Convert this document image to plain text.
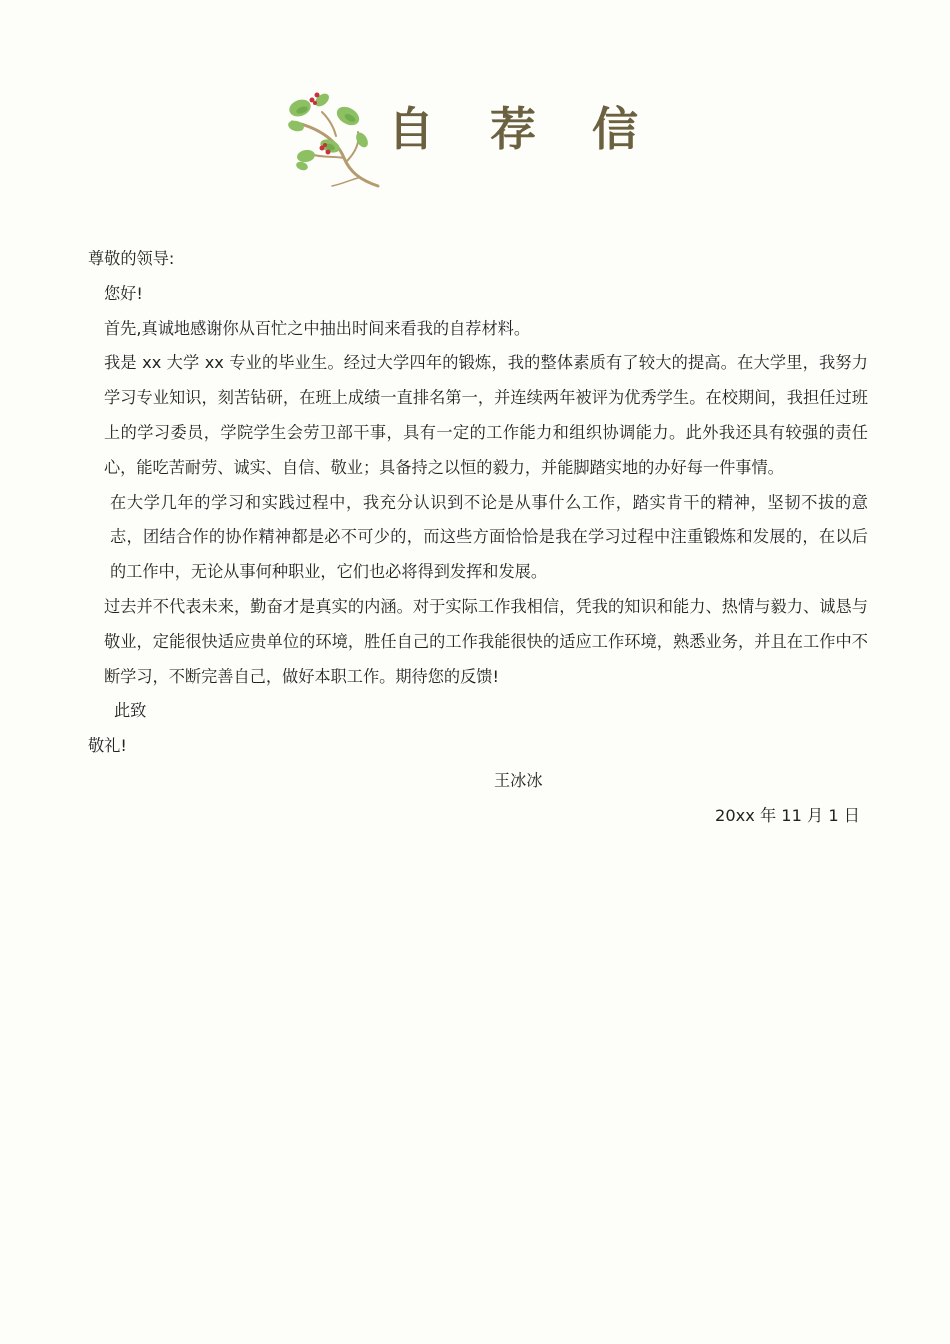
自 荐 信

尊敬的领导:

您好!

首先,真诚地感谢你从百忙之中抽出时间来看我的自荐材料。

我是 xx 大学 xx 专业的毕业生。经过大学四年的锻炼，我的整体素质有了较大的提高。在大学里，我努力学习专业知识，刻苦钻研，在班上成绩一直排名第一，并连续两年被评为优秀学生。在校期间，我担任过班上的学习委员，学院学生会劳卫部干事，具有一定的工作能力和组织协调能力。此外我还具有较强的责任心，能吃苦耐劳、诚实、自信、敬业；具备持之以恒的毅力，并能脚踏实地的办好每一件事情。

在大学几年的学习和实践过程中，我充分认识到不论是从事什么工作，踏实肯干的精神，坚韧不拔的意志，团结合作的协作精神都是必不可少的，而这些方面恰恰是我在学习过程中注重锻炼和发展的，在以后的工作中，无论从事何种职业，它们也必将得到发挥和发展。

过去并不代表未来，勤奋才是真实的内涵。对于实际工作我相信，凭我的知识和能力、热情与毅力、诚恳与敬业，定能很快适应贵单位的环境，胜任自己的工作我能很快的适应工作环境，熟悉业务，并且在工作中不断学习，不断完善自己，做好本职工作。期待您的反馈!

此致

敬礼!

王冰冰

20xx 年 11 月 1 日
